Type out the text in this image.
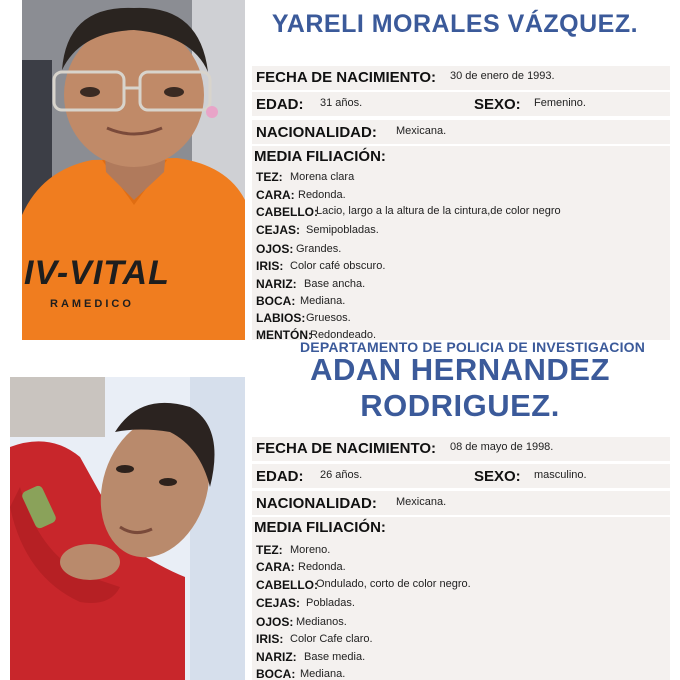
IV-VITAL
RAMEDICO
YARELI MORALES VÁZQUEZ.
FECHA DE NACIMIENTO: 30 de enero de 1993.
EDAD: 31 años.	SEXO: Femenino.
NACIONALIDAD: Mexicana.
MEDIA FILIACIÓN:
TEZ: Morena clara
CARA: Redonda.
CABELLO:
Lacio, largo a la altura de la cintura,de color negro
CEJAS: Semipobladas.
OJOS: Grandes.
IRIS: Color café obscuro.
NARIZ: Base ancha.
BOCA: Mediana.
LABIOS: Gruesos.
MENTÓN:
Redondeado.
DEPARTAMENTO DE POLICIA DE INVESTIGACION
ADAN HERNANDEZ RODRIGUEZ.
FECHA DE NACIMIENTO: 08 de mayo de 1998.
EDAD: 26 años.	SEXO: masculino.
NACIONALIDAD: Mexicana.
MEDIA FILIACIÓN:
TEZ: Moreno.
CARA: Redonda.
CABELLO:
Ondulado, corto de color negro.
CEJAS: Pobladas.
OJOS: Medianos.
IRIS: Color Cafe claro.
NARIZ: Base media.
BOCA: Mediana.
